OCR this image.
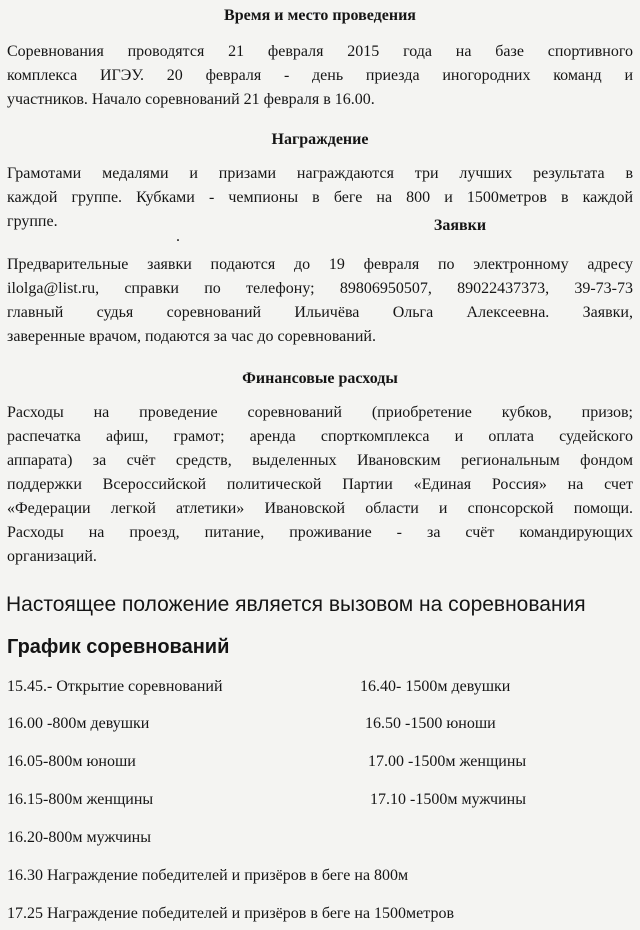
Время и место проведения
Соревнования проводятся 21 февраля 2015 года на базе спортивного
комплекса ИГЭУ. 20 февраля - день приезда иногородних команд и
участников. Начало соревнований 21 февраля в 16.00.
Награждение
Грамотами медалями и призами награждаются три лучших результата в
каждой группе. Кубками - чемпионы в беге на 800 и 1500метров в каждой
группе.
.
Заявки
Предварительные заявки подаются до 19 февраля по электронному адресу
ilolga@list.ru, справки по телефону; 89806950507, 89022437373, 39-73-73
главный судья соревнований Ильичёва Ольга Алексеевна. Заявки,
заверенные врачом, подаются за час до соревнований.
Финансовые расходы
Расходы на проведение соревнований (приобретение кубков, призов;
распечатка афиш, грамот; аренда спорткомплекса и оплата судейского
аппарата) за счёт средств, выделенных Ивановским региональным фондом
поддержки Всероссийской политической Партии «Единая Россия» на счет
«Федерации легкой атлетики» Ивановской области и спонсорской помощи.
Расходы на проезд, питание, проживание - за счёт командирующих
организаций.
Настоящее положение является вызовом на соревнования
График соревнований
15.45.- Открытие соревнований
16.00 -800м девушки
16.05-800м юноши
16.15-800м женщины
16.20-800м мужчины
16.30 Награждение победителей и призёров в беге на 800м
17.25 Награждение победителей и призёров в беге на 1500метров
16.40- 1500м девушки
16.50 -1500 юноши
17.00 -1500м женщины
17.10 -1500м мужчины
